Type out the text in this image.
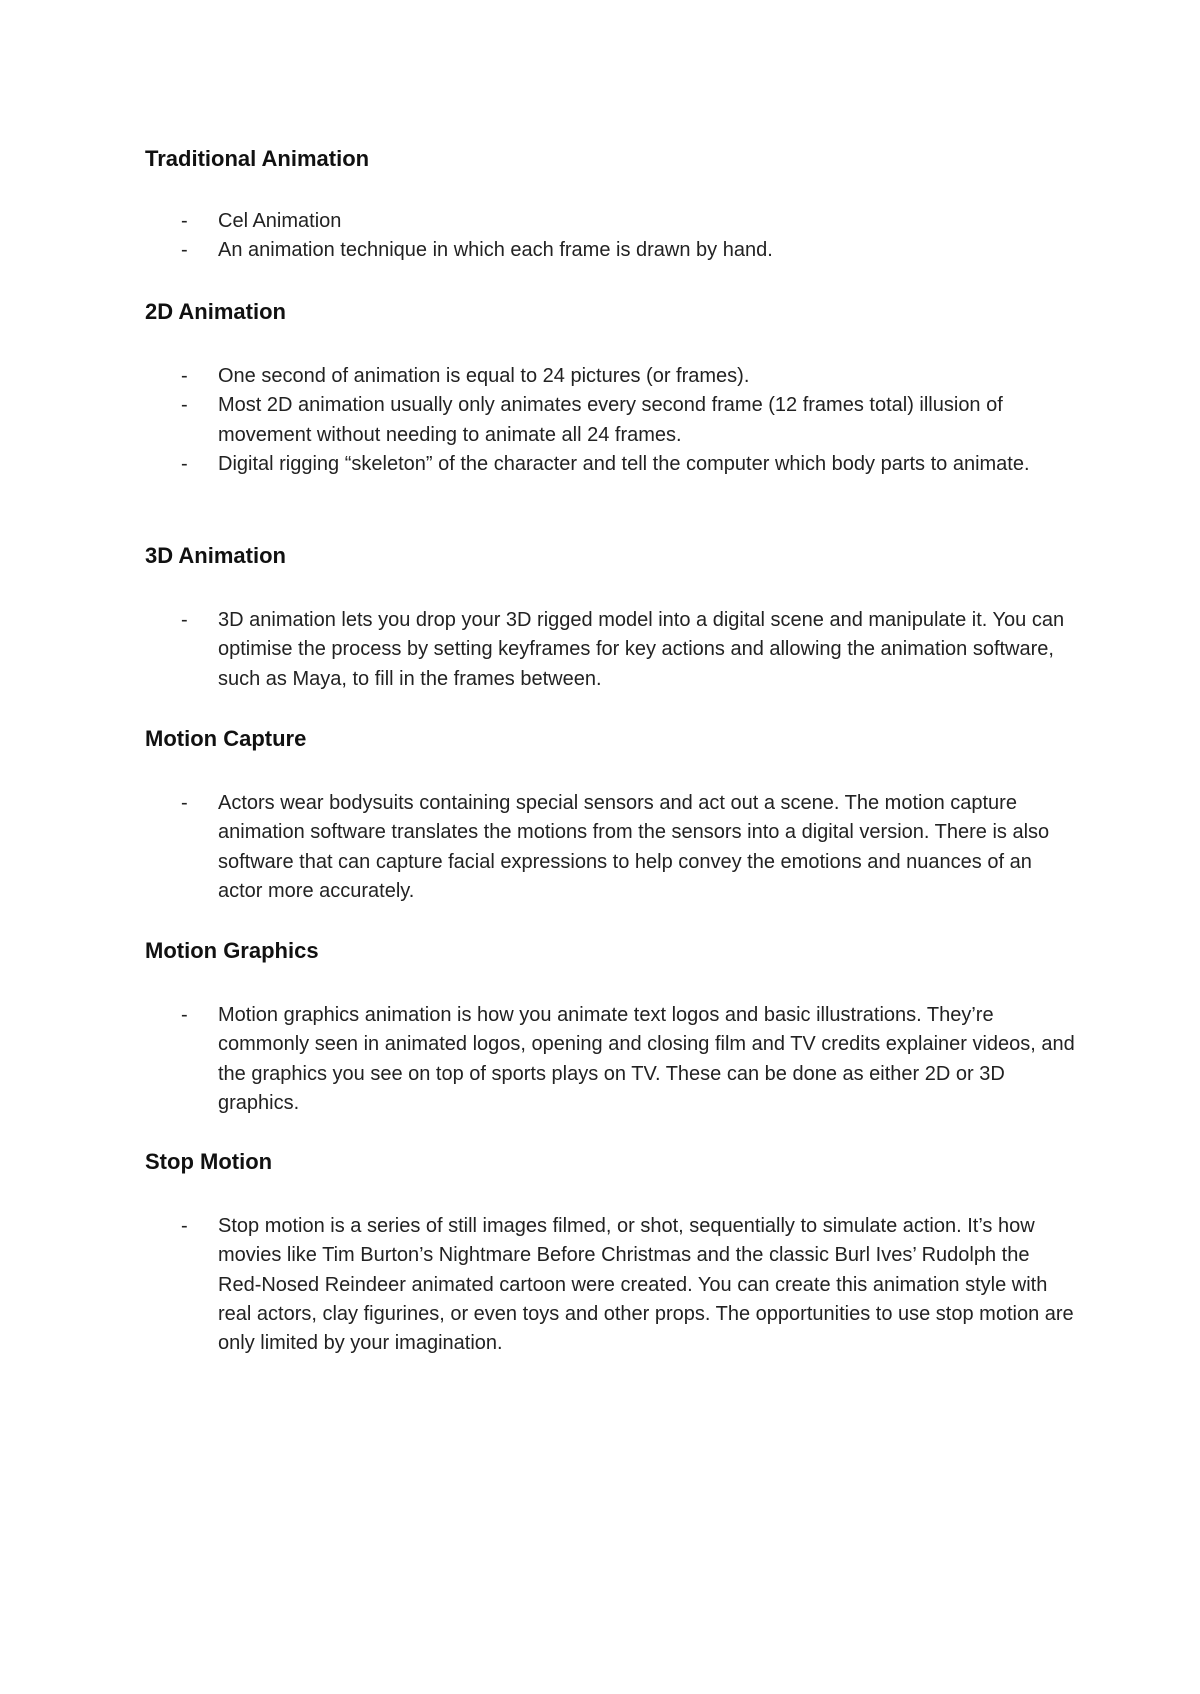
Traditional Animation
- Cel Animation
- An animation technique in which each frame is drawn by hand.
2D Animation
- One second of animation is equal to 24 pictures (or frames).
- Most 2D animation usually only animates every second frame (12 frames total) illusion of movement without needing to animate all 24 frames.
- Digital rigging “skeleton” of the character and tell the computer which body parts to animate.
3D Animation
- 3D animation lets you drop your 3D rigged model into a digital scene and manipulate it. You can optimise the process by setting keyframes for key actions and allowing the animation software, such as Maya, to fill in the frames between.
Motion Capture
- Actors wear bodysuits containing special sensors and act out a scene. The motion capture animation software translates the motions from the sensors into a digital version. There is also software that can capture facial expressions to help convey the emotions and nuances of an actor more accurately.
Motion Graphics
- Motion graphics animation is how you animate text logos and basic illustrations. They’re commonly seen in animated logos, opening and closing film and TV credits explainer videos, and the graphics you see on top of sports plays on TV. These can be done as either 2D or 3D graphics.
Stop Motion
- Stop motion is a series of still images filmed, or shot, sequentially to simulate action. It’s how movies like Tim Burton’s Nightmare Before Christmas and the classic Burl Ives’ Rudolph the Red-Nosed Reindeer animated cartoon were created. You can create this animation style with real actors, clay figurines, or even toys and other props. The opportunities to use stop motion are only limited by your imagination.
